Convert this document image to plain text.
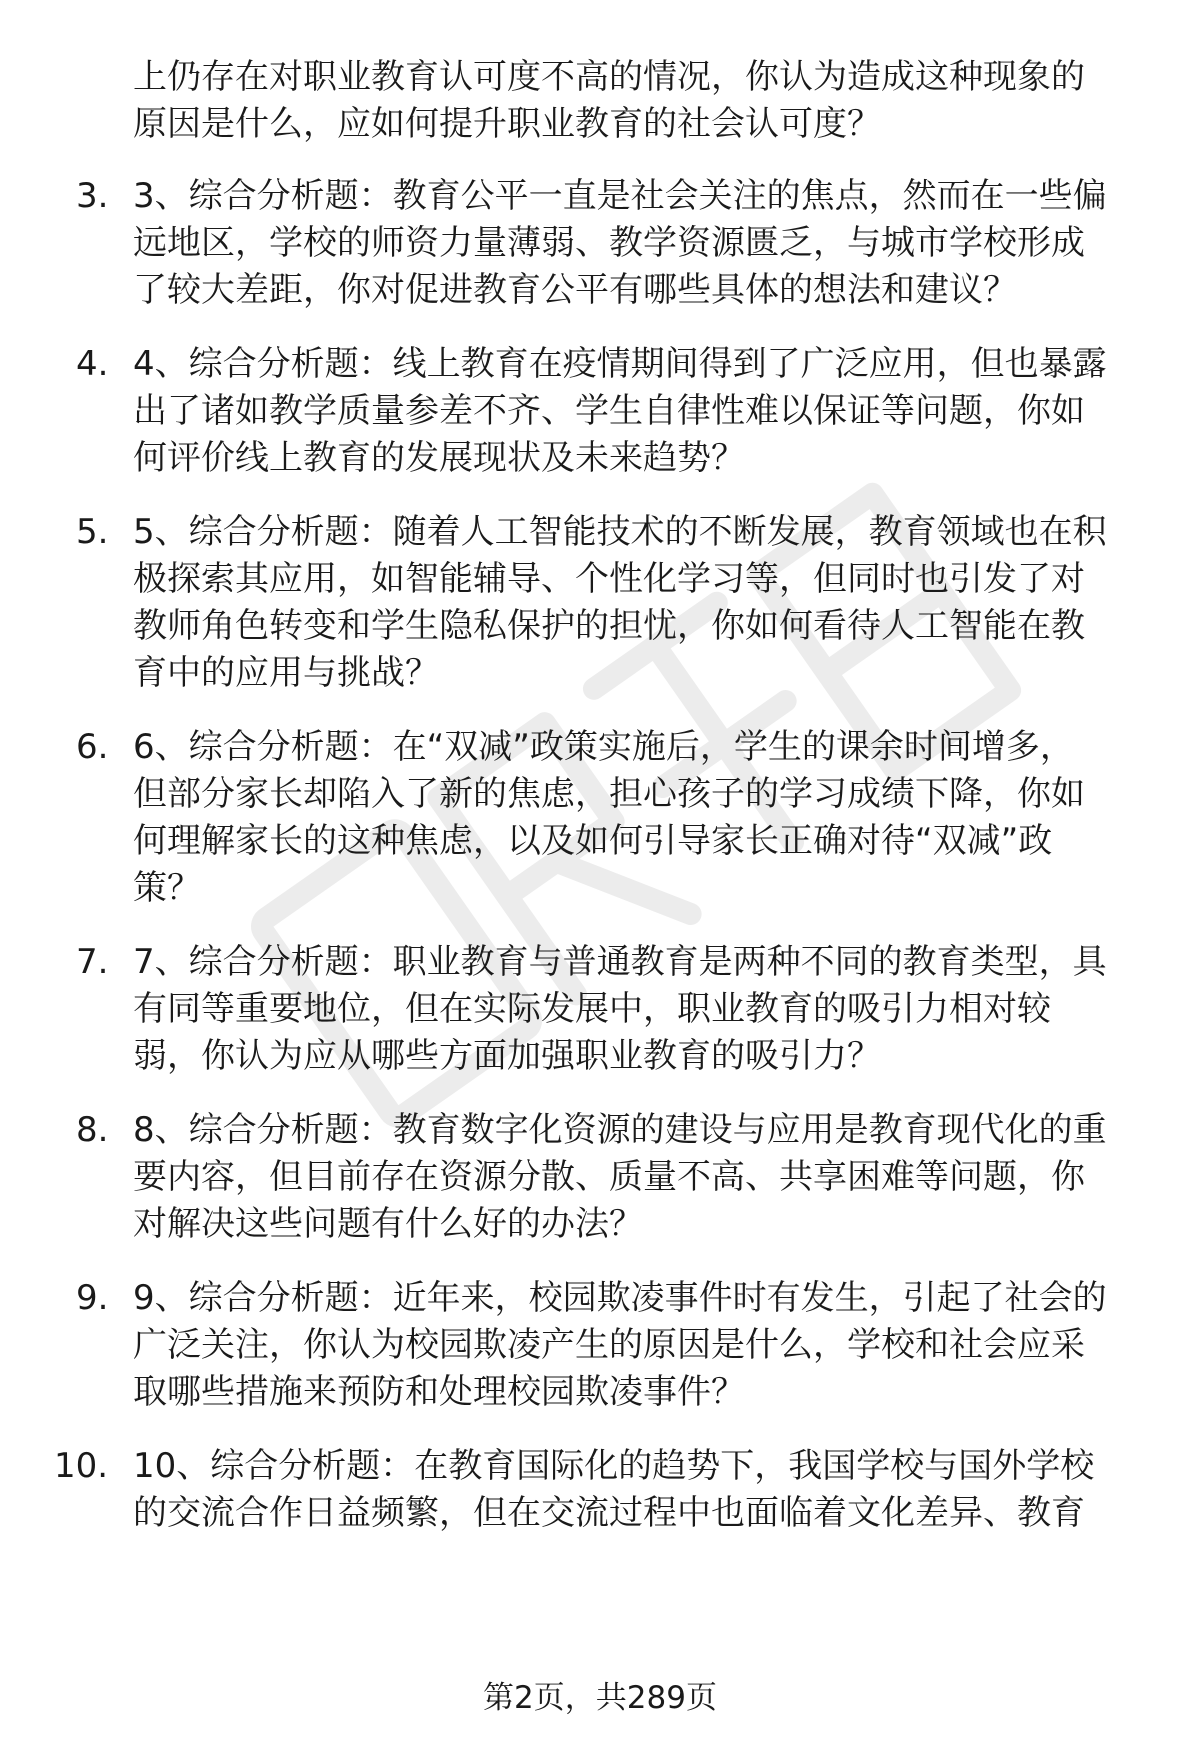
上仍存在对职业教育认可度不高的情况，你认为造成这种现象的
原因是什么，应如何提升职业教育的社会认可度？
3. 3、综合分析题：教育公平一直是社会关注的焦点，然而在一些偏
远地区，学校的师资力量薄弱、教学资源匮乏，与城市学校形成
了较大差距，你对促进教育公平有哪些具体的想法和建议？
4. 4、综合分析题：线上教育在疫情期间得到了广泛应用，但也暴露
出了诸如教学质量参差不齐、学生自律性难以保证等问题，你如
何评价线上教育的发展现状及未来趋势？
5. 5、综合分析题：随着人工智能技术的不断发展，教育领域也在积
极探索其应用，如智能辅导、个性化学习等，但同时也引发了对
教师角色转变和学生隐私保护的担忧，你如何看待人工智能在教
育中的应用与挑战？
6. 6、综合分析题：在“双减”政策实施后，学生的课余时间增多，
但部分家长却陷入了新的焦虑，担心孩子的学习成绩下降，你如
何理解家长的这种焦虑，以及如何引导家长正确对待“双减”政
策？
7. 7、综合分析题：职业教育与普通教育是两种不同的教育类型，具
有同等重要地位，但在实际发展中，职业教育的吸引力相对较
弱，你认为应从哪些方面加强职业教育的吸引力？
8. 8、综合分析题：教育数字化资源的建设与应用是教育现代化的重
要内容，但目前存在资源分散、质量不高、共享困难等问题，你
对解决这些问题有什么好的办法？
9. 9、综合分析题：近年来，校园欺凌事件时有发生，引起了社会的
广泛关注，你认为校园欺凌产生的原因是什么，学校和社会应采
取哪些措施来预防和处理校园欺凌事件？
10. 10、综合分析题：在教育国际化的趋势下，我国学校与国外学校
的交流合作日益频繁，但在交流过程中也面临着文化差异、教育
第2页，共289页
